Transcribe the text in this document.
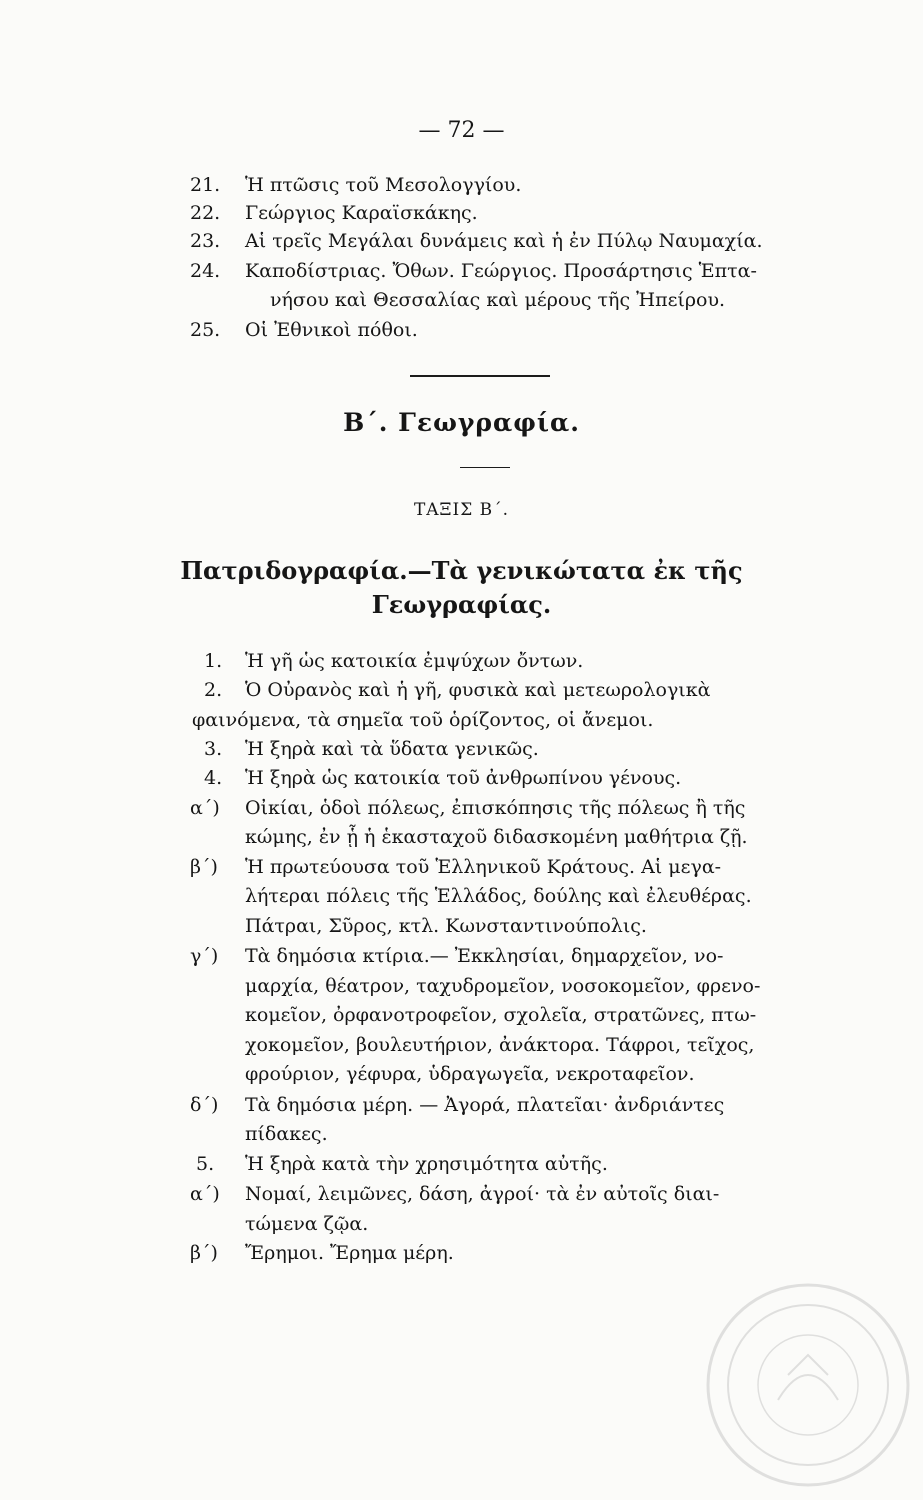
— 72 —
21. Ἡ πτῶσις τοῦ Μεσολογγίου.
22. Γεώργιος Καραϊσκάκης.
23. Αἱ τρεῖς Μεγάλαι δυνάμεις καὶ ἡ ἐν Πύλῳ Ναυμαχία.
24. Καποδίστριας. Ὄθων. Γεώργιος. Προσάρτησις Ἑπτα-
νήσου καὶ Θεσσαλίας καὶ μέρους τῆς Ἠπείρου.
25. Οἱ Ἐθνικοὶ πόθοι.
Β΄. Γεωγραφία.
ΤΑΞΙΣ Β΄.
Πατριδογραφία.—Τὰ γενικώτατα ἐκ τῆς
Γεωγραφίας.
1. Ἡ γῆ ὡς κατοικία ἐμψύχων ὄντων.
2. Ὁ Οὐρανὸς καὶ ἡ γῆ, φυσικὰ καὶ μετεωρολογικὰ
φαινόμενα, τὰ σημεῖα τοῦ ὁρίζοντος, οἱ ἄνεμοι.
3. Ἡ ξηρὰ καὶ τὰ ὕδατα γενικῶς.
4. Ἡ ξηρὰ ὡς κατοικία τοῦ ἀνθρωπίνου γένους.
α΄) Οἰκίαι, ὁδοὶ πόλεως, ἐπισκόπησις τῆς πόλεως ἢ τῆς
κώμης, ἐν ᾗ ἡ ἑκασταχοῦ διδασκομένη μαθήτρια ζῇ.
β΄) Ἡ πρωτεύουσα τοῦ Ἑλληνικοῦ Κράτους. Αἱ μεγα-
λήτεραι πόλεις τῆς Ἑλλάδος, δούλης καὶ ἐλευθέρας.
Πάτραι, Σῦρος, κτλ. Κωνσταντινούπολις.
γ΄) Τὰ δημόσια κτίρια.— Ἐκκλησίαι, δημαρχεῖον, νο-
μαρχία, θέατρον, ταχυδρομεῖον, νοσοκομεῖον, φρενο-
κομεῖον, ὀρφανοτροφεῖον, σχολεῖα, στρατῶνες, πτω-
χοκομεῖον, βουλευτήριον, ἀνάκτορα. Τάφροι, τεῖχος,
φρούριον, γέφυρα, ὑδραγωγεῖα, νεκροταφεῖον.
δ΄) Τὰ δημόσια μέρη. — Ἀγορά, πλατεῖαι· ἀνδριάντες
πίδακες.
5. Ἡ ξηρὰ κατὰ τὴν χρησιμότητα αὐτῆς.
α΄) Νομαί, λειμῶνες, δάση, ἀγροί· τὰ ἐν αὐτοῖς διαι-
τώμενα ζῷα.
β΄) Ἔρημοι. Ἔρημα μέρη.
